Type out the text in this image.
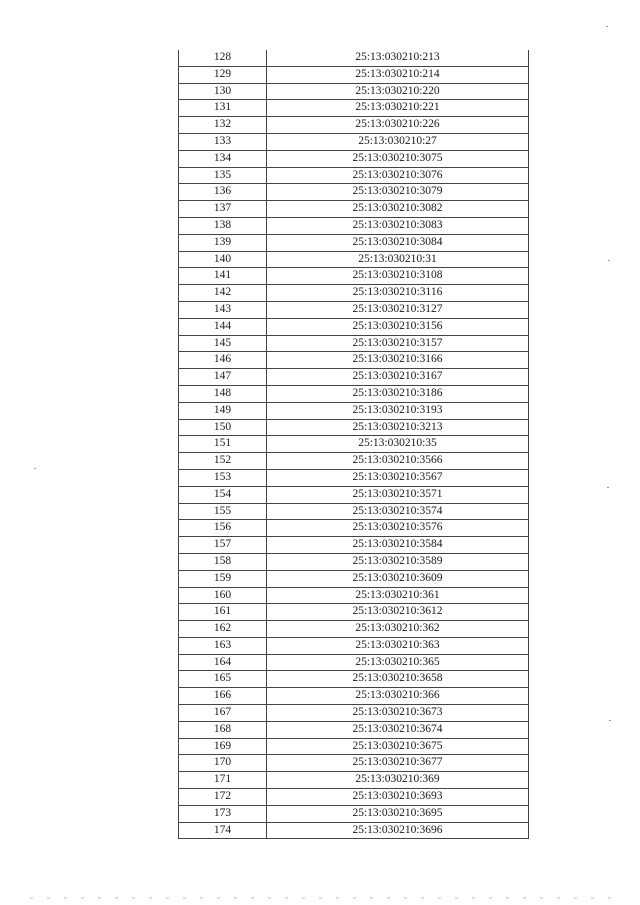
128	25:13:030210:213
129	25:13:030210:214
130	25:13:030210:220
131	25:13:030210:221
132	25:13:030210:226
133	25:13:030210:27
134	25:13:030210:3075
135	25:13:030210:3076
136	25:13:030210:3079
137	25:13:030210:3082
138	25:13:030210:3083
139	25:13:030210:3084
140	25:13:030210:31
141	25:13:030210:3108
142	25:13:030210:3116
143	25:13:030210:3127
144	25:13:030210:3156
145	25:13:030210:3157
146	25:13:030210:3166
147	25:13:030210:3167
148	25:13:030210:3186
149	25:13:030210:3193
150	25:13:030210:3213
151	25:13:030210:35
152	25:13:030210:3566
153	25:13:030210:3567
154	25:13:030210:3571
155	25:13:030210:3574
156	25:13:030210:3576
157	25:13:030210:3584
158	25:13:030210:3589
159	25:13:030210:3609
160	25:13:030210:361
161	25:13:030210:3612
162	25:13:030210:362
163	25:13:030210:363
164	25:13:030210:365
165	25:13:030210:3658
166	25:13:030210:366
167	25:13:030210:3673
168	25:13:030210:3674
169	25:13:030210:3675
170	25:13:030210:3677
171	25:13:030210:369
172	25:13:030210:3693
173	25:13:030210:3695
174	25:13:030210:3696
